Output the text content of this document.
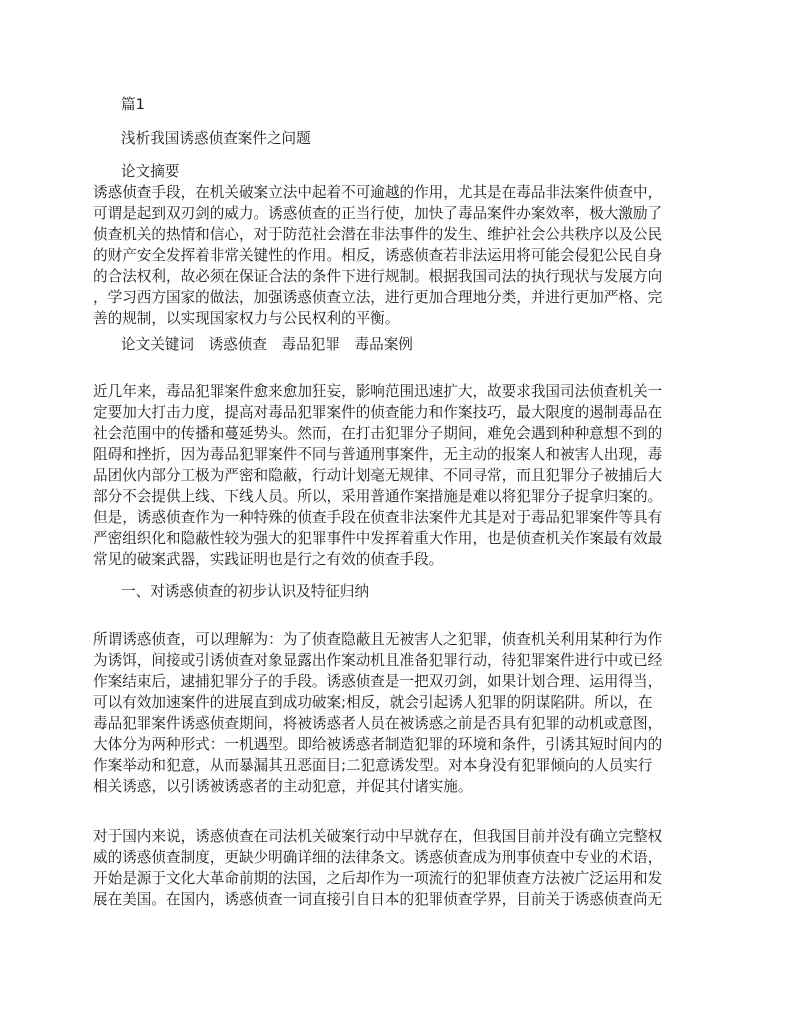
篇1

浅析我国诱惑侦查案件之问题

论文摘要

诱惑侦查手段，在机关破案立法中起着不可逾越的作用，尤其是在毒品非法案件侦查中，

可谓是起到双刃剑的威力。诱惑侦查的正当行使，加快了毒品案件办案效率，极大激励了

侦查机关的热情和信心，对于防范社会潜在非法事件的发生、维护社会公共秩序以及公民

的财产安全发挥着非常关键性的作用。相反，诱惑侦查若非法运用将可能会侵犯公民自身

的合法权利，故必须在保证合法的条件下进行规制。根据我国司法的执行现状与发展方向

，学习西方国家的做法，加强诱惑侦查立法，进行更加合理地分类，并进行更加严格、完

善的规制，以实现国家权力与公民权利的平衡。

论文关键词　诱惑侦查　毒品犯罪　毒品案例

近几年来，毒品犯罪案件愈来愈加狂妄，影响范围迅速扩大，故要求我国司法侦查机关一

定要加大打击力度，提高对毒品犯罪案件的侦查能力和作案技巧，最大限度的遏制毒品在

社会范围中的传播和蔓延势头。然而，在打击犯罪分子期间，难免会遇到种种意想不到的

阻碍和挫折，因为毒品犯罪案件不同与普通刑事案件，无主动的报案人和被害人出现，毒

品团伙内部分工极为严密和隐蔽，行动计划毫无规律、不同寻常，而且犯罪分子被捕后大

部分不会提供上线、下线人员。所以，采用普通作案措施是难以将犯罪分子捉拿归案的。

但是，诱惑侦查作为一种特殊的侦查手段在侦查非法案件尤其是对于毒品犯罪案件等具有

严密组织化和隐蔽性较为强大的犯罪事件中发挥着重大作用，也是侦查机关作案最有效最

常见的破案武器，实践证明也是行之有效的侦查手段。

一、对诱惑侦查的初步认识及特征归纳

所谓诱惑侦查，可以理解为：为了侦查隐蔽且无被害人之犯罪，侦查机关利用某种行为作

为诱饵，间接或引诱侦查对象显露出作案动机且准备犯罪行动，待犯罪案件进行中或已经

作案结束后，逮捕犯罪分子的手段。诱惑侦查是一把双刃剑，如果计划合理、运用得当，

可以有效加速案件的进展直到成功破案;相反，就会引起诱人犯罪的阴谋陷阱。所以，在

毒品犯罪案件诱惑侦查期间，将被诱惑者人员在被诱惑之前是否具有犯罪的动机或意图，

大体分为两种形式：一机遇型。即给被诱惑者制造犯罪的环境和条件，引诱其短时间内的

作案举动和犯意，从而暴漏其丑恶面目;二犯意诱发型。对本身没有犯罪倾向的人员实行

相关诱惑，以引诱被诱惑者的主动犯意，并促其付诸实施。

对于国内来说，诱惑侦查在司法机关破案行动中早就存在，但我国目前并没有确立完整权

威的诱惑侦查制度，更缺少明确详细的法律条文。诱惑侦查成为刑事侦查中专业的术语，

开始是源于文化大革命前期的法国，之后却作为一项流行的犯罪侦查方法被广泛运用和发

展在美国。在国内，诱惑侦查一词直接引自日本的犯罪侦查学界，目前关于诱惑侦查尚无
